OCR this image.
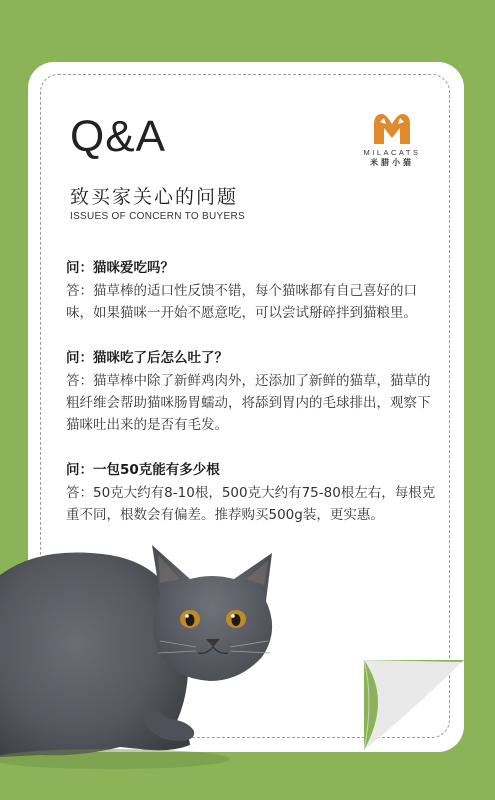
Q&A	MILACATS
米腊小猫
致买家关心的问题

ISSUES OF CONCERN TO BUYERS

问：猫咪爱吃吗？

答：猫草棒的适口性反馈不错，每个猫咪都有自己喜好的口味，如果猫咪一开始不愿意吃，可以尝试掰碎拌到猫粮里。

问：猫咪吃了后怎么吐了？

答：猫草棒中除了新鲜鸡肉外，还添加了新鲜的猫草，猫草的粗纤维会帮助猫咪肠胃蠕动，将舔到胃内的毛球排出，观察下猫咪吐出来的是否有毛发。

问：一包50克能有多少根

答：50克大约有8-10根，500克大约有75-80根左右，每根克重不同，根数会有偏差。推荐购买500g装，更实惠。
